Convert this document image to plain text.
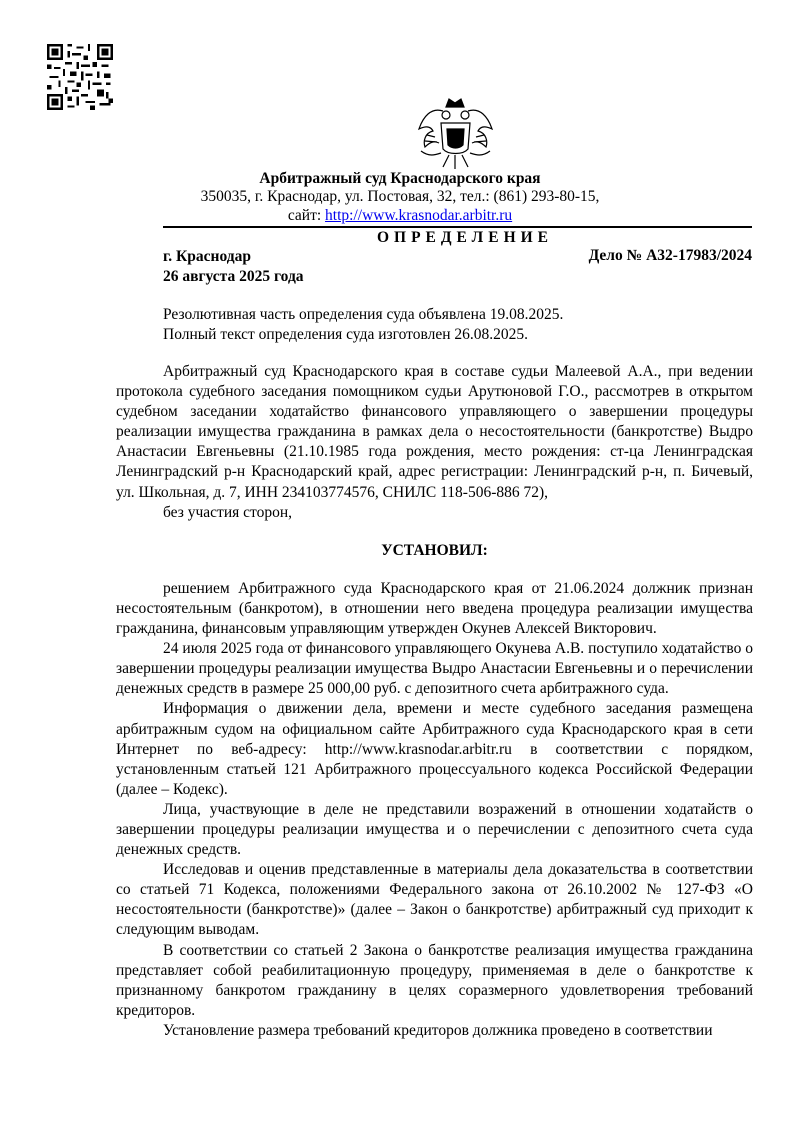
Арбитражный суд Краснодарского края
350035, г. Краснодар, ул. Постовая, 32, тел.: (861) 293-80-15,
сайт: http://www.krasnodar.arbitr.ru
ОПРЕДЕЛЕНИЕ
г. Краснодар
26 августа 2025 года
Дело № А32-17983/2024
Резолютивная часть определения суда объявлена 19.08.2025.
Полный текст определения суда изготовлен 26.08.2025.

Арбитражный суд Краснодарского края в составе судьи Малеевой А.А., при ведении протокола судебного заседания помощником судьи Арутюновой Г.О., рассмотрев в открытом судебном заседании ходатайство финансового управляющего о завершении процедуры реализации имущества гражданина в рамках дела о несостоятельности (банкротстве) Выдро Анастасии Евгеньевны (21.10.1985 года рождения, место рождения: ст-ца Ленинградская Ленинградский р-н Краснодарский край, адрес регистрации: Ленинградский р-н, п. Бичевый, ул. Школьная, д. 7, ИНН 234103774576, СНИЛС 118-506-886 72),

без участия сторон,

УСТАНОВИЛ:

решением Арбитражного суда Краснодарского края от 21.06.2024 должник признан несостоятельным (банкротом), в отношении него введена процедура реализации имущества гражданина, финансовым управляющим утвержден Окунев Алексей Викторович.

24 июля 2025 года от финансового управляющего Окунева А.В. поступило ходатайство о завершении процедуры реализации имущества Выдро Анастасии Евгеньевны и о перечислении денежных средств в размере 25 000,00 руб. с депозитного счета арбитражного суда.

Информация о движении дела, времени и месте судебного заседания размещена арбитражным судом на официальном сайте Арбитражного суда Краснодарского края в сети Интернет по веб-адресу: http://www.krasnodar.arbitr.ru в соответствии с порядком, установленным статьей 121 Арбитражного процессуального кодекса Российской Федерации (далее – Кодекс).

Лица, участвующие в деле не представили возражений в отношении ходатайств о завершении процедуры реализации имущества и о перечислении с депозитного счета суда денежных средств.

Исследовав и оценив представленные в материалы дела доказательства в соответствии со статьей 71 Кодекса, положениями Федерального закона от 26.10.2002 № 127-ФЗ «О несостоятельности (банкротстве)» (далее – Закон о банкротстве) арбитражный суд приходит к следующим выводам.

В соответствии со статьей 2 Закона о банкротстве реализация имущества гражданина представляет собой реабилитационную процедуру, применяемая в деле о банкротстве к признанному банкротом гражданину в целях соразмерного удовлетворения требований кредиторов.

Установление размера требований кредиторов должника проведено в соответствии
